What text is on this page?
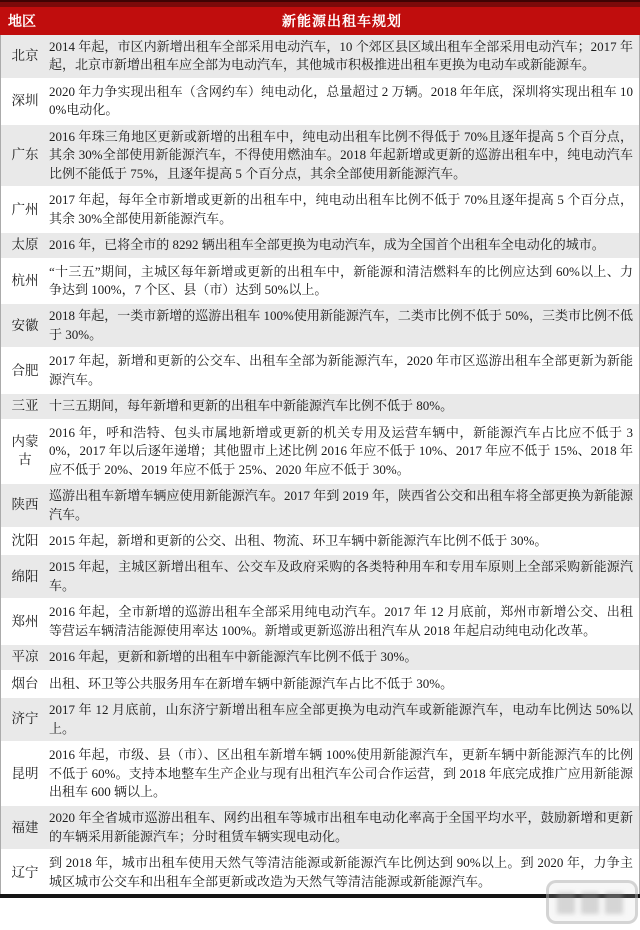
地区	新能源出租车规划
北京
2014 年起，市区内新增出租车全部采用电动汽车，10 个郊区县区域出租车全部采用电动汽车；2017 年起，北京市新增出租车应全部为电动汽车，其他城市积极推进出租车更换为电动车或新能源车。
深圳
2020 年力争实现出租车（含网约车）纯电动化，总量超过 2 万辆。2018 年年底，深圳将实现出租车 100%电动化。
广东
2016 年珠三角地区更新或新增的出租车中，纯电动出租车比例不得低于 70%且逐年提高 5 个百分点，其余 30%全部使用新能源汽车，不得使用燃油车。2018 年起新增或更新的巡游出租车中，纯电动汽车比例不能低于 75%，且逐年提高 5 个百分点，其余全部使用新能源汽车。
广州
2017 年起，每年全市新增或更新的出租车中，纯电动出租车比例不低于 70%且逐年提高 5 个百分点，其余 30%全部使用新能源汽车。
太原 2016 年，已将全市的 8292 辆出租车全部更换为电动汽车，成为全国首个出租车全电动化的城市。
杭州
“十三五”期间，主城区每年新增或更新的出租车中，新能源和清洁燃料车的比例应达到 60%以上、力争达到 100%，7 个区、县（市）达到 50%以上。
安徽
2018 年起，一类市新增的巡游出租车 100%使用新能源汽车，二类市比例不低于 50%，三类市比例不低于 30%。
合肥
2017 年起，新增和更新的公交车、出租车全部为新能源汽车，2020 年市区巡游出租车全部更新为新能源汽车。
三亚 十三五期间，每年新增和更新的出租车中新能源汽车比例不低于 80%。
内蒙古
2016 年，呼和浩特、包头市属地新增或更新的机关专用及运营车辆中，新能源汽车占比应不低于 30%，2017 年以后逐年递增；其他盟市上述比例 2016 年应不低于 10%、2017 年应不低于 15%、2018 年应不低于 20%、2019 年应不低于 25%、2020 年应不低于 30%。
陕西
巡游出租车新增车辆应使用新能源汽车。2017 年到 2019 年，陕西省公交和出租车将全部更换为新能源汽车。
沈阳 2015 年起，新增和更新的公交、出租、物流、环卫车辆中新能源汽车比例不低于 30%。
绵阳
2015 年起，主城区新增出租车、公交车及政府采购的各类特种用车和专用车原则上全部采购新能源汽车。
郑州
2016 年起，全市新增的巡游出租车全部采用纯电动汽车。2017 年 12 月底前，郑州市新增公交、出租等营运车辆清洁能源使用率达 100%。新增或更新巡游出租汽车从 2018 年起启动纯电动化改革。
平凉 2016 年起，更新和新增的出租车中新能源汽车比例不低于 30%。
烟台 出租、环卫等公共服务用车在新增车辆中新能源汽车占比不低于 30%。
济宁
2017 年 12 月底前，山东济宁新增出租车应全部更换为电动汽车或新能源汽车，电动车比例达 50%以上。
昆明
2016 年起，市级、县（市）、区出租车新增车辆 100%使用新能源汽车，更新车辆中新能源汽车的比例不低于 60%。支持本地整车生产企业与现有出租汽车公司合作运营，到 2018 年底完成推广应用新能源出租车 600 辆以上。
福建
2020 年全省城市巡游出租车、网约出租车等城市出租车电动化率高于全国平均水平，鼓励新增和更新的车辆采用新能源汽车；分时租赁车辆实现电动化。
辽宁
到 2018 年，城市出租车使用天然气等清洁能源或新能源汽车比例达到 90%以上。到 2020 年，力争主城区城市公交车和出租车全部更新或改造为天然气等清洁能源或新能源汽车。
